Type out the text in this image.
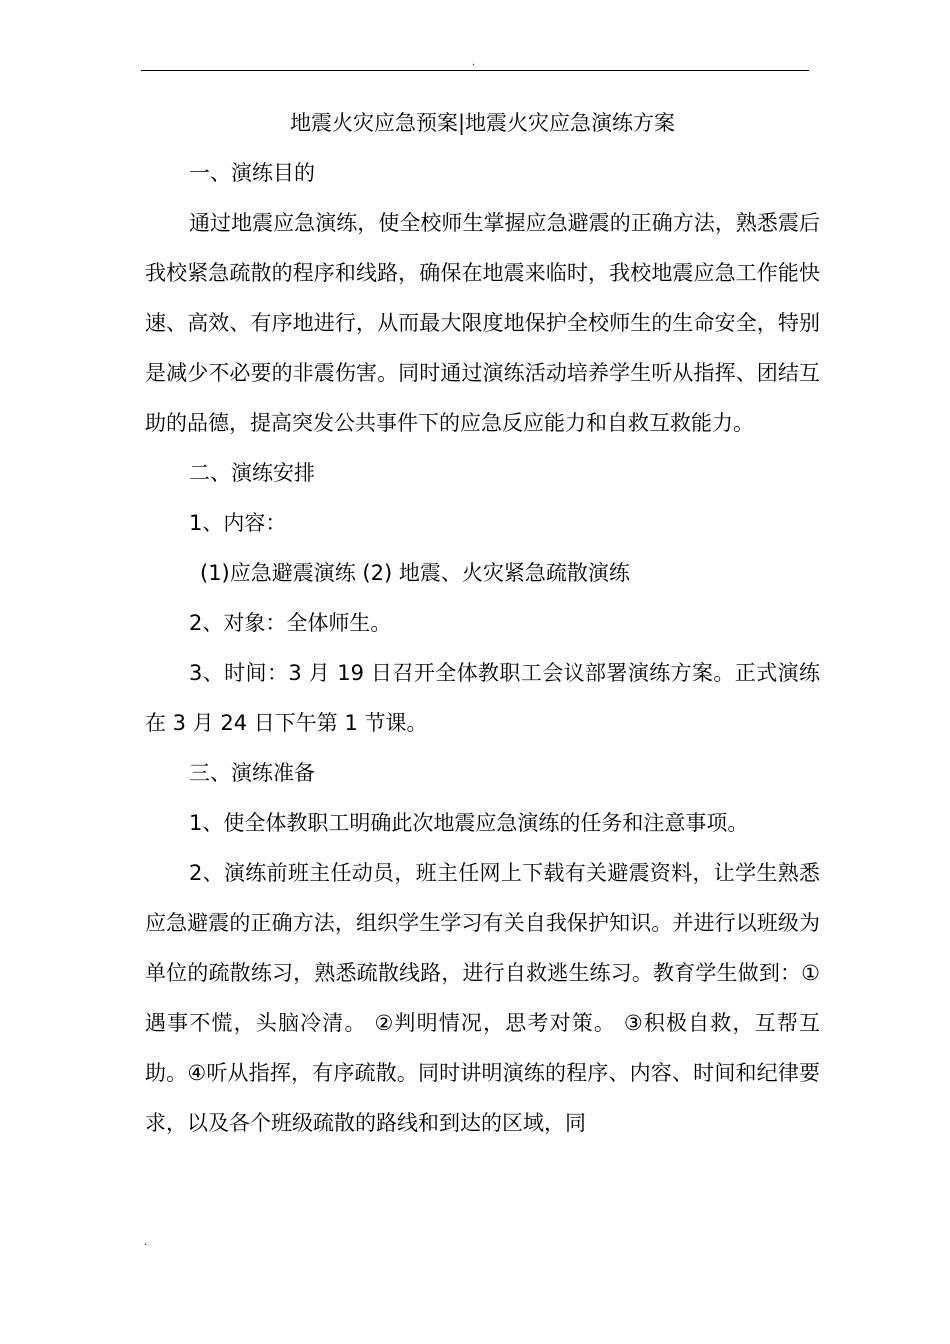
.

地震火灾应急预案|地震火灾应急演练方案

一、演练目的

通过地震应急演练，使全校师生掌握应急避震的正确方法，熟悉震后我校紧急疏散的程序和线路，确保在地震来临时，我校地震应急工作能快速、高效、有序地进行，从而最大限度地保护全校师生的生命安全，特别是减少不必要的非震伤害。同时通过演练活动培养学生听从指挥、团结互助的品德，提高突发公共事件下的应急反应能力和自救互救能力。

二、演练安排

1、内容：

(1)应急避震演练 (2) 地震、火灾紧急疏散演练

2、对象：全体师生。

3、时间：3 月 19 日召开全体教职工会议部署演练方案。正式演练在 3 月 24 日下午第 1 节课。

三、演练准备

1、使全体教职工明确此次地震应急演练的任务和注意事项。

2、演练前班主任动员，班主任网上下载有关避震资料，让学生熟悉应急避震的正确方法，组织学生学习有关自我保护知识。并进行以班级为单位的疏散练习，熟悉疏散线路，进行自救逃生练习。教育学生做到：①遇事不慌，头脑冷清。 ②判明情况，思考对策。 ③积极自救，互帮互助。④听从指挥，有序疏散。同时讲明演练的程序、内容、时间和纪律要求，以及各个班级疏散的路线和到达的区域，同

.
